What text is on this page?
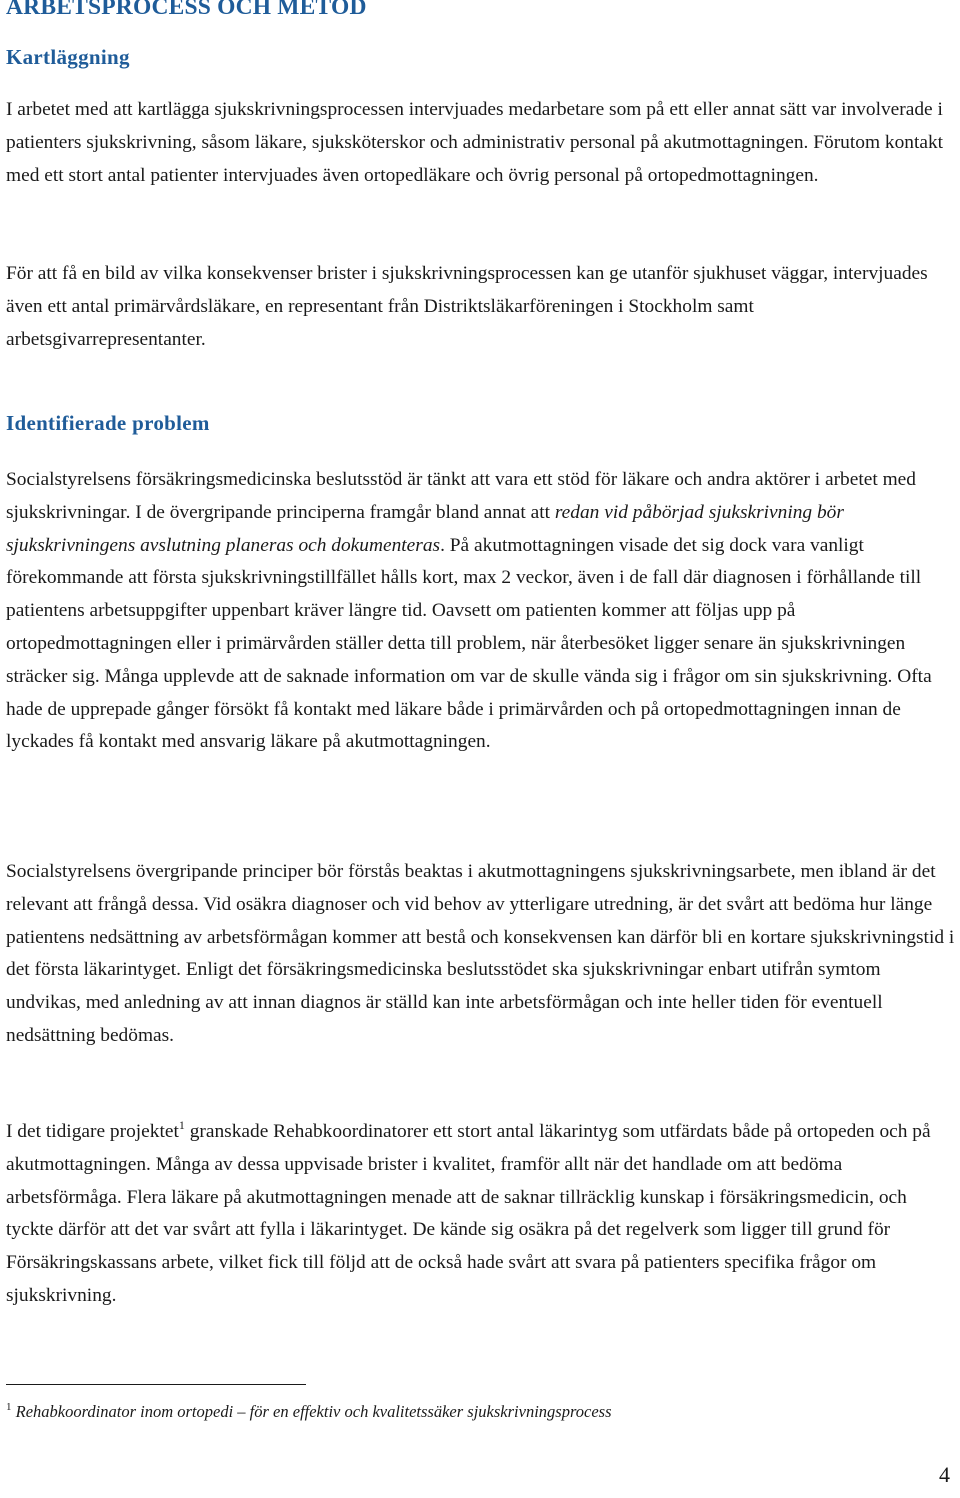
ARBETSPROCESS OCH METOD
Kartläggning

I arbetet med att kartlägga sjukskrivningsprocessen intervjuades medarbetare som på ett eller annat sätt var involverade i patienters sjukskrivning, såsom läkare, sjuksköterskor och administrativ personal på akutmottagningen. Förutom kontakt med ett stort antal patienter intervjuades även ortopedläkare och övrig personal på ortopedmottagningen.

För att få en bild av vilka konsekvenser brister i sjukskrivningsprocessen kan ge utanför sjukhuset väggar, intervjuades även ett antal primärvårdsläkare, en representant från Distriktsläkarföreningen i Stockholm samt arbetsgivarrepresentanter.

Identifierade problem

Socialstyrelsens försäkringsmedicinska beslutsstöd är tänkt att vara ett stöd för läkare och andra aktörer i arbetet med sjukskrivningar. I de övergripande principerna framgår bland annat att redan vid påbörjad sjukskrivning bör sjukskrivningens avslutning planeras och dokumenteras. På akutmottagningen visade det sig dock vara vanligt förekommande att första sjukskrivningstillfället hålls kort, max 2 veckor, även i de fall där diagnosen i förhållande till patientens arbetsuppgifter uppenbart kräver längre tid. Oavsett om patienten kommer att följas upp på ortopedmottagningen eller i primärvården ställer detta till problem, när återbesöket ligger senare än sjukskrivningen sträcker sig. Många upplevde att de saknade information om var de skulle vända sig i frågor om sin sjukskrivning. Ofta hade de upprepade gånger försökt få kontakt med läkare både i primärvården och på ortopedmottagningen innan de lyckades få kontakt med ansvarig läkare på akutmottagningen.

Socialstyrelsens övergripande principer bör förstås beaktas i akutmottagningens sjukskrivningsarbete, men ibland är det relevant att frångå dessa. Vid osäkra diagnoser och vid behov av ytterligare utredning, är det svårt att bedöma hur länge patientens nedsättning av arbetsförmågan kommer att bestå och konsekvensen kan därför bli en kortare sjukskrivningstid i det första läkarintyget. Enligt det försäkringsmedicinska beslutsstödet ska sjukskrivningar enbart utifrån symtom undvikas, med anledning av att innan diagnos är ställd kan inte arbetsförmågan och inte heller tiden för eventuell nedsättning bedömas.

I det tidigare projektet$^1$ granskade Rehabkoordinatorer ett stort antal läkarintyg som utfärdats både på ortopeden och på akutmottagningen. Många av dessa uppvisade brister i kvalitet, framför allt när det handlade om att bedöma arbetsförmåga. Flera läkare på akutmottagningen menade att de saknar tillräcklig kunskap i försäkringsmedicin, och tyckte därför att det var svårt att fylla i läkarintyget. De kände sig osäkra på det regelverk som ligger till grund för Försäkringskassans arbete, vilket fick till följd att de också hade svårt att svara på patienters specifika frågor om sjukskrivning.

$^1$ Rehabkoordinator inom ortopedi – för en effektiv och kvalitetssäker sjukskrivningsprocess

4
